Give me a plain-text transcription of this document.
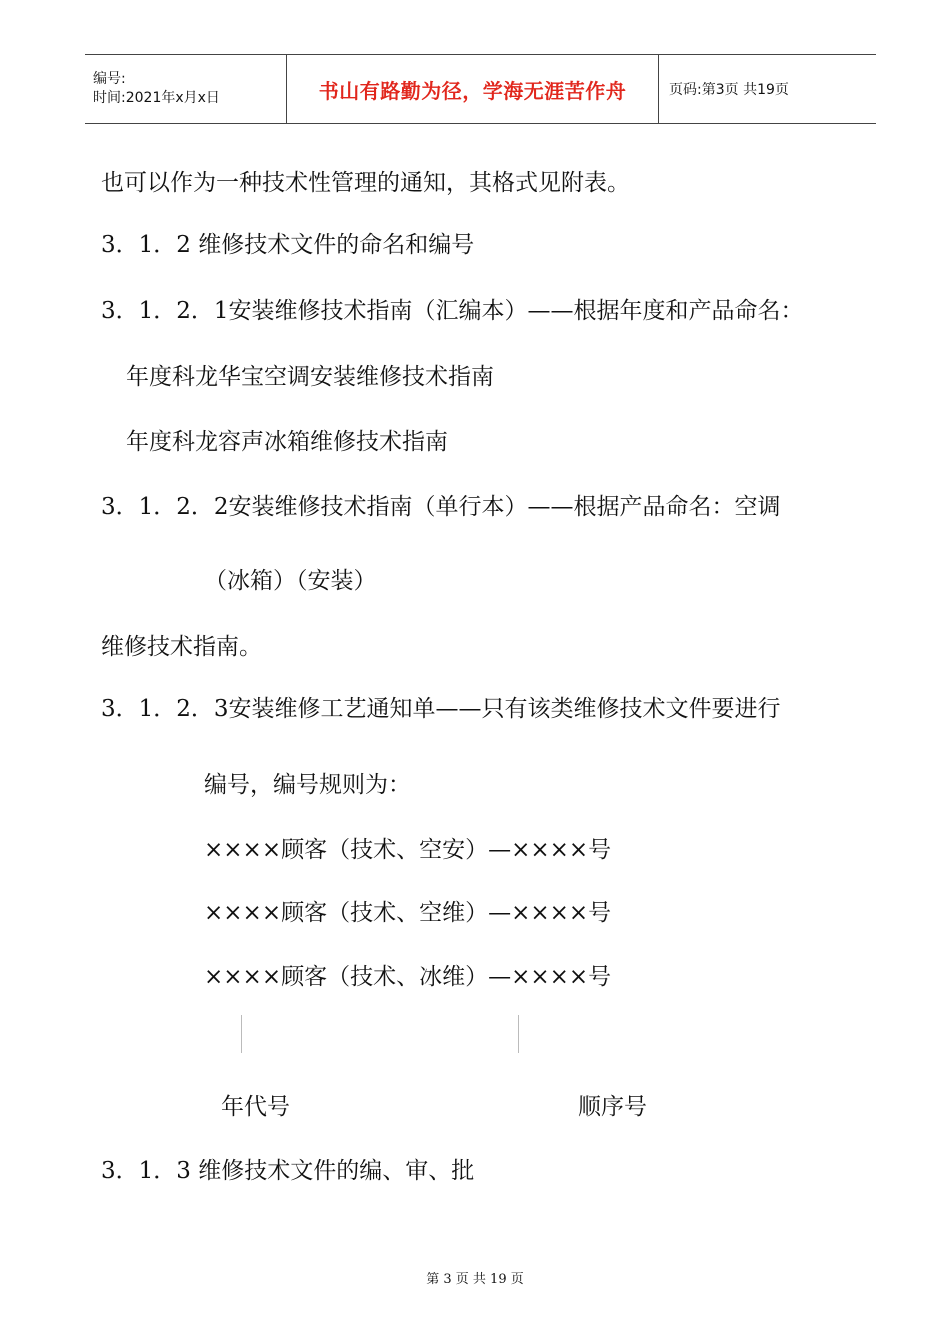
编号:
时间:2021年x月x日	书山有路勤为径，学海无涯苦作舟	页码:第3页 共19页
也可以作为一种技术性管理的通知，其格式见附表。
3．1．2 维修技术文件的命名和编号
3．1．2．1安装维修技术指南（汇编本）——根据年度和产品命名：
年度科龙华宝空调安装维修技术指南
年度科龙容声冰箱维修技术指南
3．1．2．2安装维修技术指南（单行本）——根据产品命名：空调
（冰箱）（安装）
维修技术指南。
3．1．2．3安装维修工艺通知单——只有该类维修技术文件要进行
编号，编号规则为：
××××顾客（技术、空安）—××××号
××××顾客（技术、空维）—××××号
××××顾客（技术、冰维）—××××号
年代号	顺序号
3．1．3 维修技术文件的编、审、批
第 3 页 共 19 页
